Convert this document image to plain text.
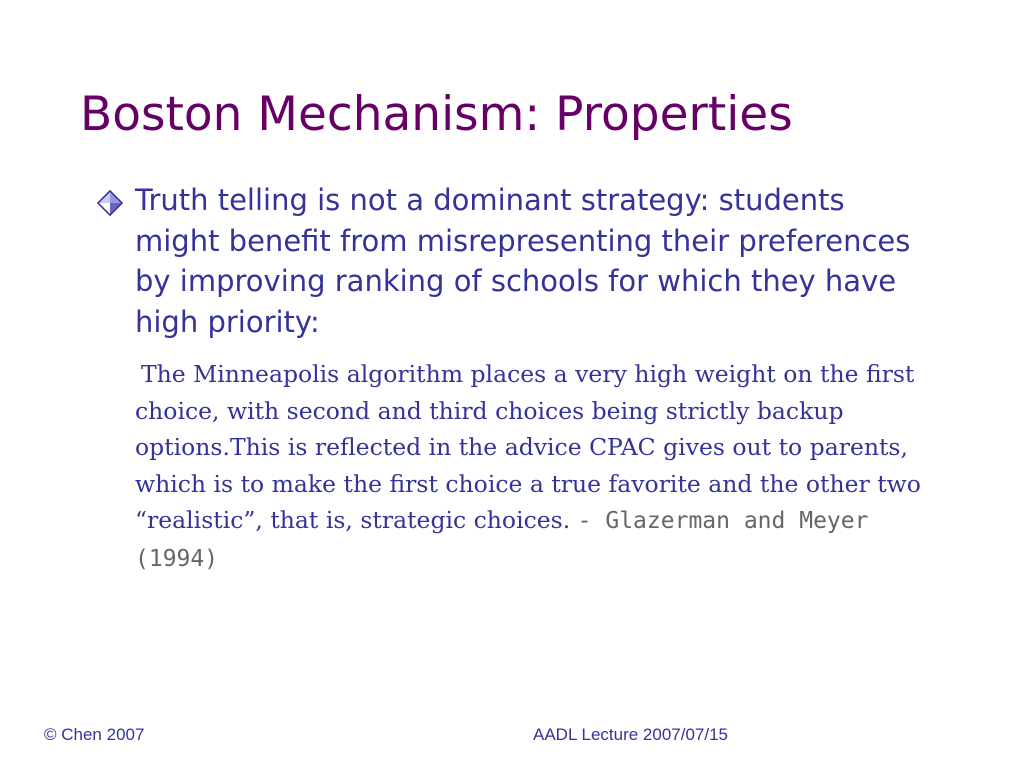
Boston Mechanism: Properties

Truth telling is not a dominant strategy: students might benefit from misrepresenting their preferences by improving ranking of schools for which they have high priority:

The Minneapolis algorithm places a very high weight on the first choice, with second and third choices being strictly backup options.This is reflected in the advice CPAC gives out to parents, which is to make the first choice a true favorite and the other two “realistic”, that is, strategic choices. - Glazerman and Meyer (1994)

© Chen 2007	AADL Lecture 2007/07/15
